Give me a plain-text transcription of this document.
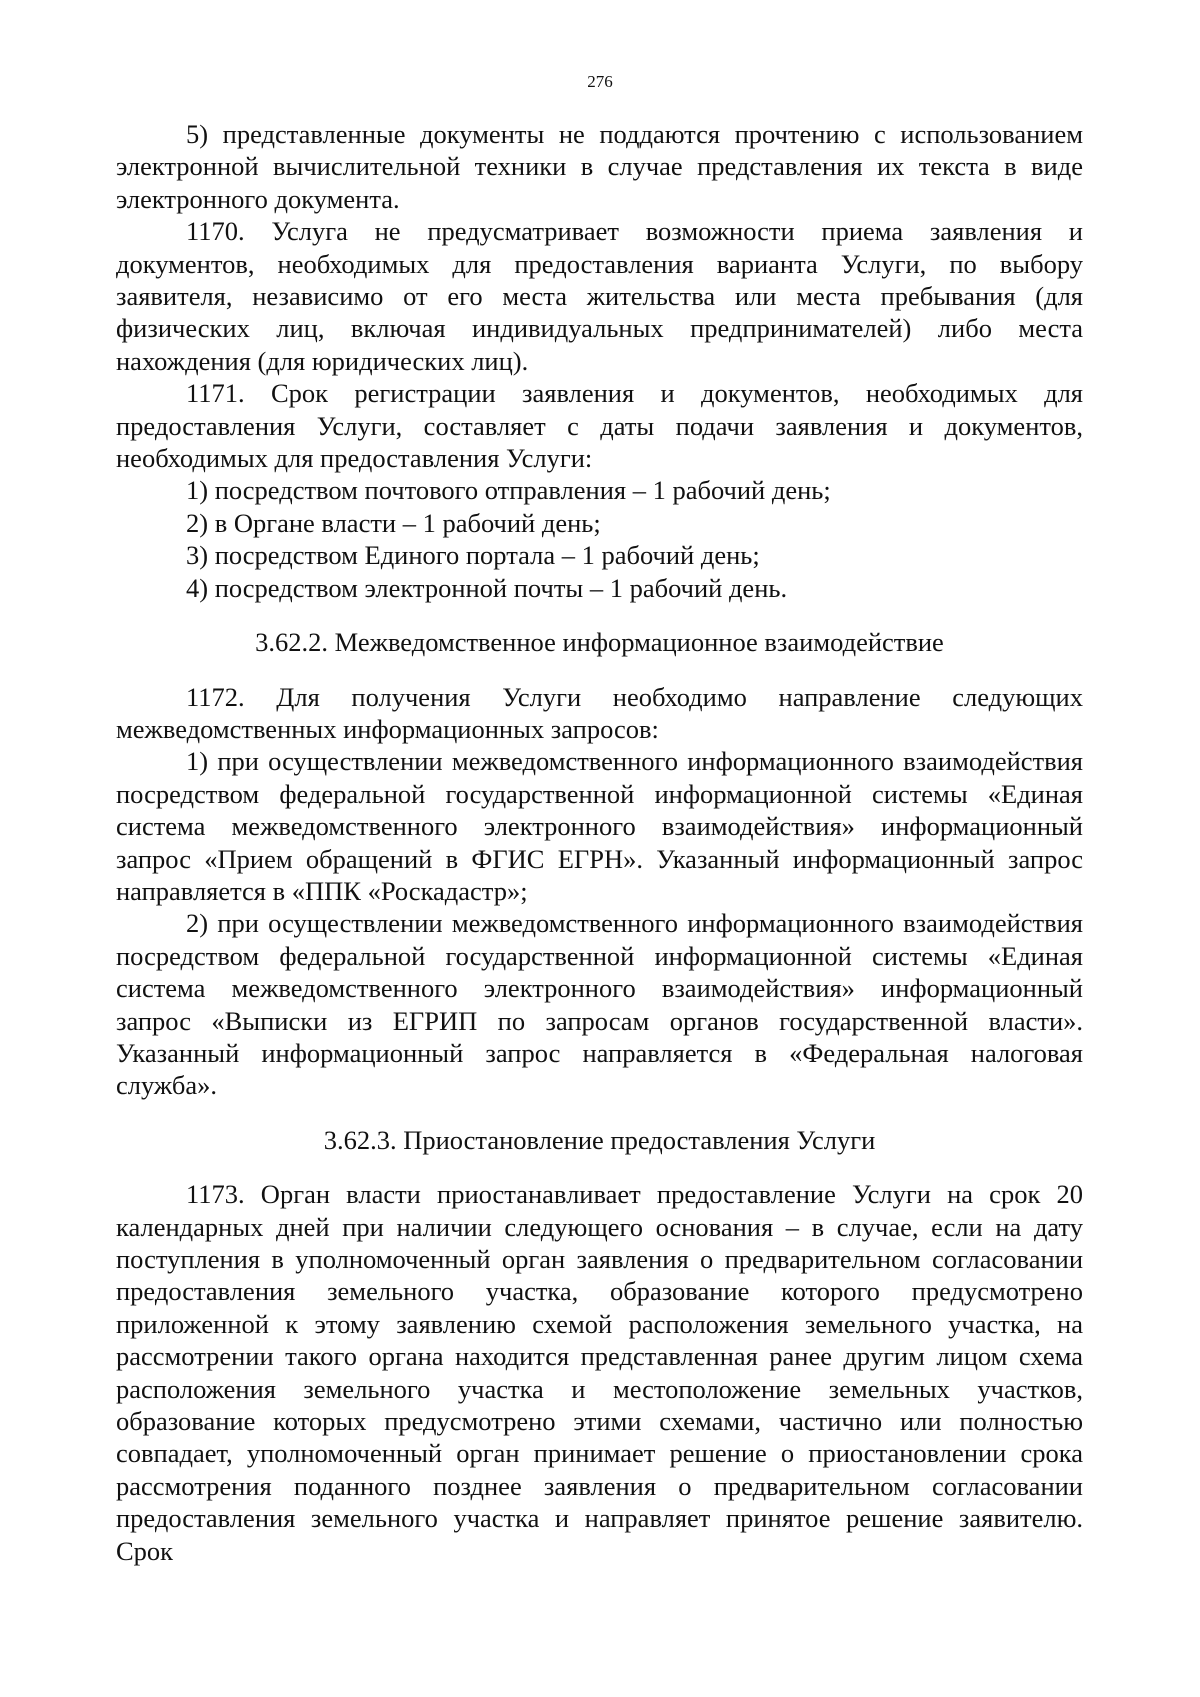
276

5) представленные документы не поддаются прочтению с использованием электронной вычислительной техники в случае представления их текста в виде электронного документа.

1170. Услуга не предусматривает возможности приема заявления и документов, необходимых для предоставления варианта Услуги, по выбору заявителя, независимо от его места жительства или места пребывания (для физических лиц, включая индивидуальных предпринимателей) либо места нахождения (для юридических лиц).

1171. Срок регистрации заявления и документов, необходимых для предоставления Услуги, составляет с даты подачи заявления и документов, необходимых для предоставления Услуги:

1) посредством почтового отправления – 1 рабочий день;

2) в Органе власти – 1 рабочий день;

3) посредством Единого портала – 1 рабочий день;

4) посредством электронной почты – 1 рабочий день.

3.62.2. Межведомственное информационное взаимодействие

1172. Для получения Услуги необходимо направление следующих межведомственных информационных запросов:

1) при осуществлении межведомственного информационного взаимодействия посредством федеральной государственной информационной системы «Единая система межведомственного электронного взаимодействия» информационный запрос «Прием обращений в ФГИС ЕГРН». Указанный информационный запрос направляется в «ППК «Роскадастр»;

2) при осуществлении межведомственного информационного взаимодействия посредством федеральной государственной информационной системы «Единая система межведомственного электронного взаимодействия» информационный запрос «Выписки из ЕГРИП по запросам органов государственной власти». Указанный информационный запрос направляется в «Федеральная налоговая служба».

3.62.3. Приостановление предоставления Услуги

1173. Орган власти приостанавливает предоставление Услуги на срок 20 календарных дней при наличии следующего основания – в случае, если на дату поступления в уполномоченный орган заявления о предварительном согласовании предоставления земельного участка, образование которого предусмотрено приложенной к этому заявлению схемой расположения земельного участка, на рассмотрении такого органа находится представленная ранее другим лицом схема расположения земельного участка и местоположение земельных участков, образование которых предусмотрено этими схемами, частично или полностью совпадает, уполномоченный орган принимает решение о приостановлении срока рассмотрения поданного позднее заявления о предварительном согласовании предоставления земельного участка и направляет принятое решение заявителю. Срок
